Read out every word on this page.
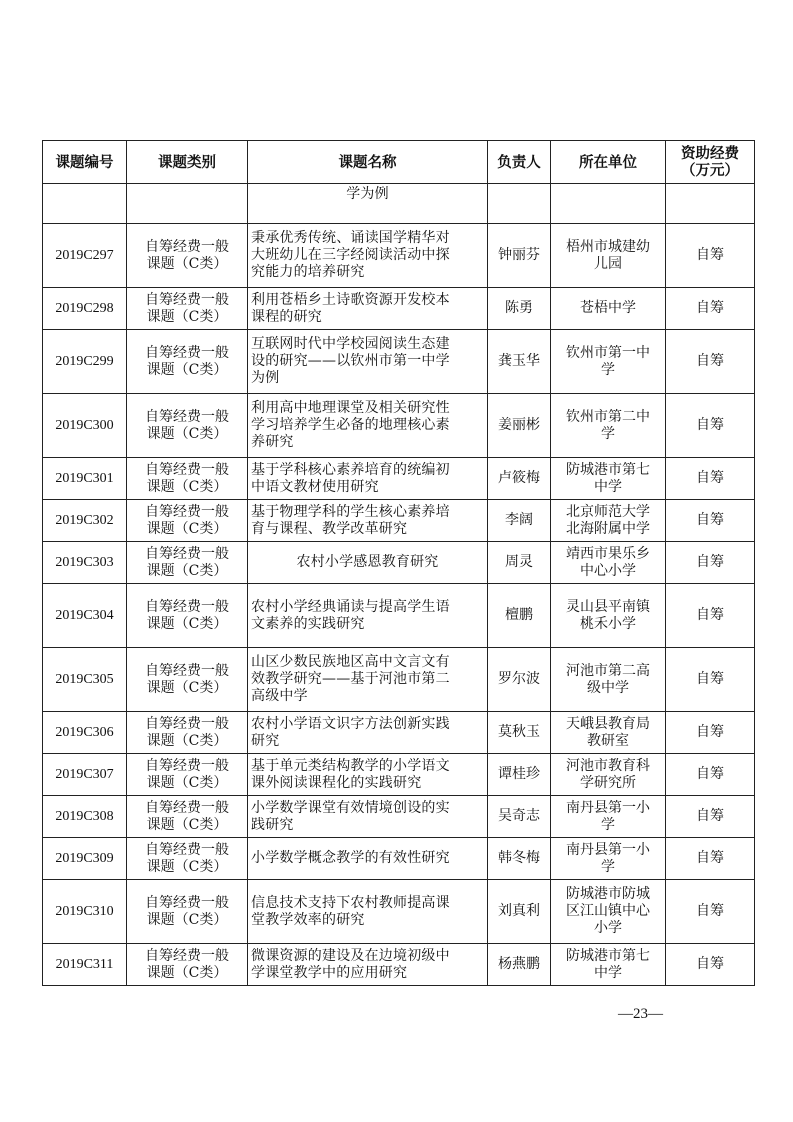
课题编号	课题类别	课题名称	负责人	所在单位	资助经费
（万元）

		学为例			

2019C297	自筹经费一般
课题（C类）	秉承优秀传统、诵读国学精华对
大班幼儿在三字经阅读活动中探
究能力的培养研究	钟丽芬	梧州市城建幼
儿园	自筹
2019C298	自筹经费一般
课题（C类）	利用苍梧乡土诗歌资源开发校本
课程的研究	陈勇	苍梧中学	自筹
2019C299	自筹经费一般
课题（C类）	互联网时代中学校园阅读生态建
设的研究——以钦州市第一中学
为例	龚玉华	钦州市第一中
学	自筹
2019C300	自筹经费一般
课题（C类）	利用高中地理课堂及相关研究性
学习培养学生必备的地理核心素
养研究	姜丽彬	钦州市第二中
学	自筹
2019C301	自筹经费一般
课题（C类）	基于学科核心素养培育的统编初
中语文教材使用研究	卢筱梅	防城港市第七
中学	自筹
2019C302	自筹经费一般
课题（C类）	基于物理学科的学生核心素养培
育与课程、教学改革研究	李阔	北京师范大学
北海附属中学	自筹
2019C303	自筹经费一般
课题（C类）	农村小学感恩教育研究	周灵	靖西市果乐乡
中心小学	自筹
2019C304	自筹经费一般
课题（C类）	农村小学经典诵读与提高学生语
文素养的实践研究	檀鹏	灵山县平南镇
桃禾小学	自筹
2019C305	自筹经费一般
课题（C类）	山区少数民族地区高中文言文有
效教学研究——基于河池市第二
高级中学	罗尔波	河池市第二高
级中学	自筹
2019C306	自筹经费一般
课题（C类）	农村小学语文识字方法创新实践
研究	莫秋玉	天峨县教育局
教研室	自筹
2019C307	自筹经费一般
课题（C类）	基于单元类结构教学的小学语文
课外阅读课程化的实践研究	谭桂珍	河池市教育科
学研究所	自筹
2019C308	自筹经费一般
课题（C类）	小学数学课堂有效情境创设的实
践研究	吴奇志	南丹县第一小
学	自筹
2019C309	自筹经费一般
课题（C类）	小学数学概念教学的有效性研究	韩冬梅	南丹县第一小
学	自筹
2019C310	自筹经费一般
课题（C类）	信息技术支持下农村教师提高课
堂教学效率的研究	刘真利	防城港市防城
区江山镇中心
小学	自筹
2019C311	自筹经费一般
课题（C类）	微课资源的建设及在边境初级中
学课堂教学中的应用研究	杨燕鹏	防城港市第七
中学	自筹
—23—
